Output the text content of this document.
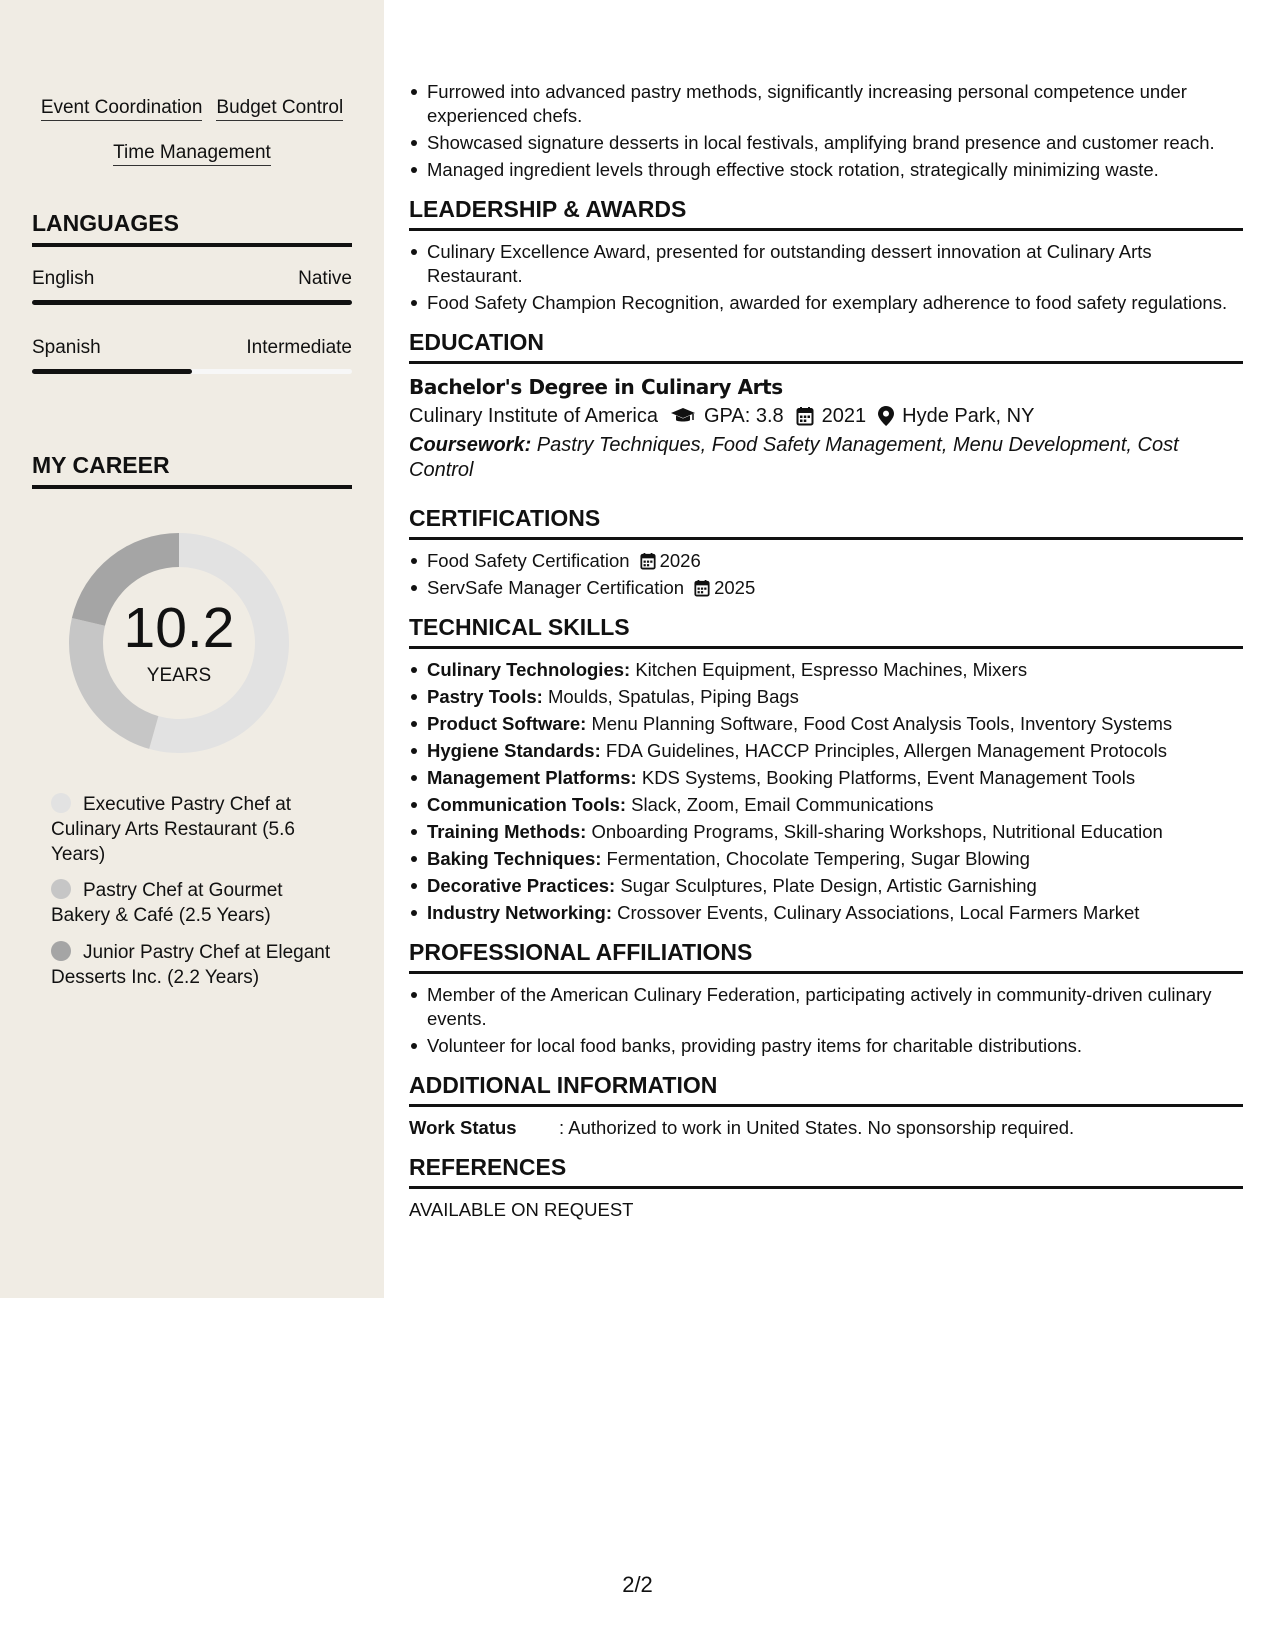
Event Coordination Budget Control
Time Management
LANGUAGES
English	Native
Spanish	Intermediate
MY CAREER
10.2
YEARS
Executive Pastry Chef at Culinary Arts Restaurant (5.6 Years)
Pastry Chef at Gourmet Bakery & Café (2.5 Years)
Junior Pastry Chef at Elegant Desserts Inc. (2.2 Years)
Furrowed into advanced pastry methods, significantly increasing personal competence under experienced chefs.
Showcased signature desserts in local festivals, amplifying brand presence and customer reach.
Managed ingredient levels through effective stock rotation, strategically minimizing waste.
LEADERSHIP & AWARDS
Culinary Excellence Award, presented for outstanding dessert innovation at Culinary Arts Restaurant.
Food Safety Champion Recognition, awarded for exemplary adherence to food safety regulations.
EDUCATION
Bachelor's Degree in Culinary Arts
Culinary Institute of America GPA: 3.8 2021 Hyde Park, NY
Coursework: Pastry Techniques, Food Safety Management, Menu Development, Cost Control
CERTIFICATIONS
Food Safety Certification 2026
ServSafe Manager Certification 2025
TECHNICAL SKILLS
Culinary Technologies: Kitchen Equipment, Espresso Machines, Mixers
Pastry Tools: Moulds, Spatulas, Piping Bags
Product Software: Menu Planning Software, Food Cost Analysis Tools, Inventory Systems
Hygiene Standards: FDA Guidelines, HACCP Principles, Allergen Management Protocols
Management Platforms: KDS Systems, Booking Platforms, Event Management Tools
Communication Tools: Slack, Zoom, Email Communications
Training Methods: Onboarding Programs, Skill-sharing Workshops, Nutritional Education
Baking Techniques: Fermentation, Chocolate Tempering, Sugar Blowing
Decorative Practices: Sugar Sculptures, Plate Design, Artistic Garnishing
Industry Networking: Crossover Events, Culinary Associations, Local Farmers Market
PROFESSIONAL AFFILIATIONS
Member of the American Culinary Federation, participating actively in community-driven culinary events.
Volunteer for local food banks, providing pastry items for charitable distributions.
ADDITIONAL INFORMATION
Work Status	: Authorized to work in United States. No sponsorship required.
REFERENCES
AVAILABLE ON REQUEST
2/2
